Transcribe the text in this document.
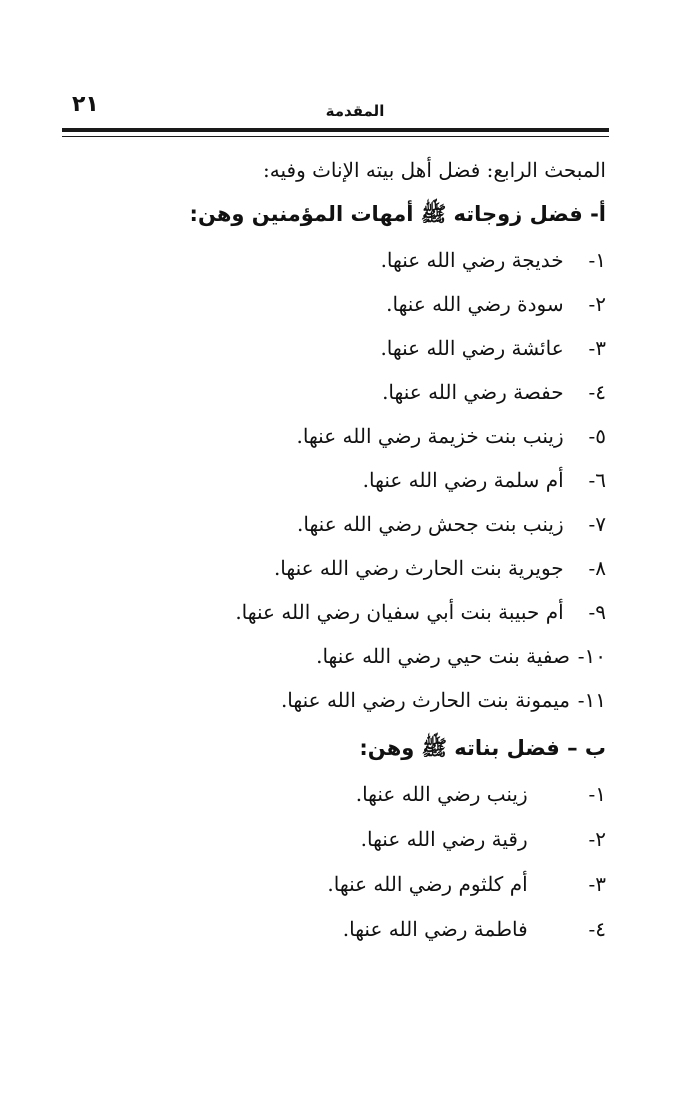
٢١	المقدمة
المبحث الرابع: فضل أهل بيته الإناث وفيه:
أ- فضل زوجاته ﷺ أمهات المؤمنين وهن:
١- خديجة رضي الله عنها.
٢- سودة رضي الله عنها.
٣- عائشة رضي الله عنها.
٤- حفصة رضي الله عنها.
٥- زينب بنت خزيمة رضي الله عنها.
٦- أم سلمة رضي الله عنها.
٧- زينب بنت جحش رضي الله عنها.
٨- جويرية بنت الحارث رضي الله عنها.
٩- أم حبيبة بنت أبي سفيان رضي الله عنها.
١٠-صفية بنت حيي رضي الله عنها.
١١-ميمونة بنت الحارث رضي الله عنها.
ب – فضل بناته ﷺ وهن:
١- زينب رضي الله عنها.
٢- رقية رضي الله عنها.
٣- أم كلثوم رضي الله عنها.
٤- فاطمة رضي الله عنها.
